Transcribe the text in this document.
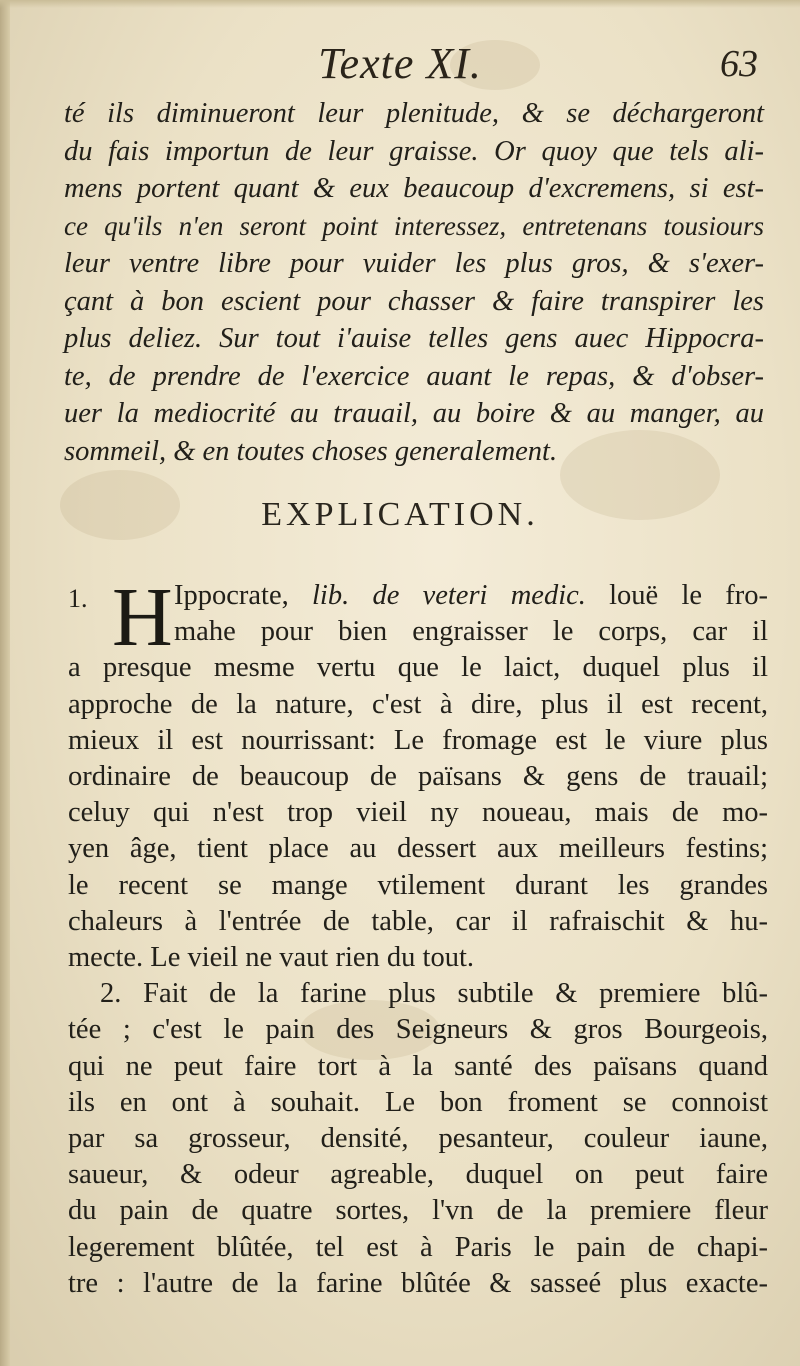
Texte XI.	63
té ils diminueront leur plenitude, & se déchargeront
du fais importun de leur graisse. Or quoy que tels ali-
mens portent quant & eux beaucoup d'excremens, si est-
ce qu'ils n'en seront point interessez, entretenans tousiours
leur ventre libre pour vuider les plus gros, & s'exer-
çant à bon escient pour chasser & faire transpirer les
plus deliez. Sur tout i'auise telles gens auec Hippocra-
te, de prendre de l'exercice auant le repas, & d'obser-
uer la mediocrité au trauail, au boire & au manger, au
sommeil, & en toutes choses generalement.
EXPLICATION.
1. H Ippocrate, lib. de veteri medic. louë le fro-
mahe pour bien engraisser le corps, car il
a presque mesme vertu que le laict, duquel plus il
approche de la nature, c'est à dire, plus il est recent,
mieux il est nourrissant: Le fromage est le viure plus
ordinaire de beaucoup de païsans & gens de trauail;
celuy qui n'est trop vieil ny noueau, mais de mo-
yen âge, tient place au dessert aux meilleurs festins;
le recent se mange vtilement durant les grandes
chaleurs à l'entrée de table, car il rafraischit & hu-
mecte. Le vieil ne vaut rien du tout.
2. Fait de la farine plus subtile & premiere blû-
tée ; c'est le pain des Seigneurs & gros Bourgeois,
qui ne peut faire tort à la santé des païsans quand
ils en ont à souhait. Le bon froment se connoist
par sa grosseur, densité, pesanteur, couleur iaune,
saueur, & odeur agreable, duquel on peut faire
du pain de quatre sortes, l'vn de la premiere fleur
legerement blûtée, tel est à Paris le pain de chapi-
tre : l'autre de la farine blûtée & sasseé plus exacte-
